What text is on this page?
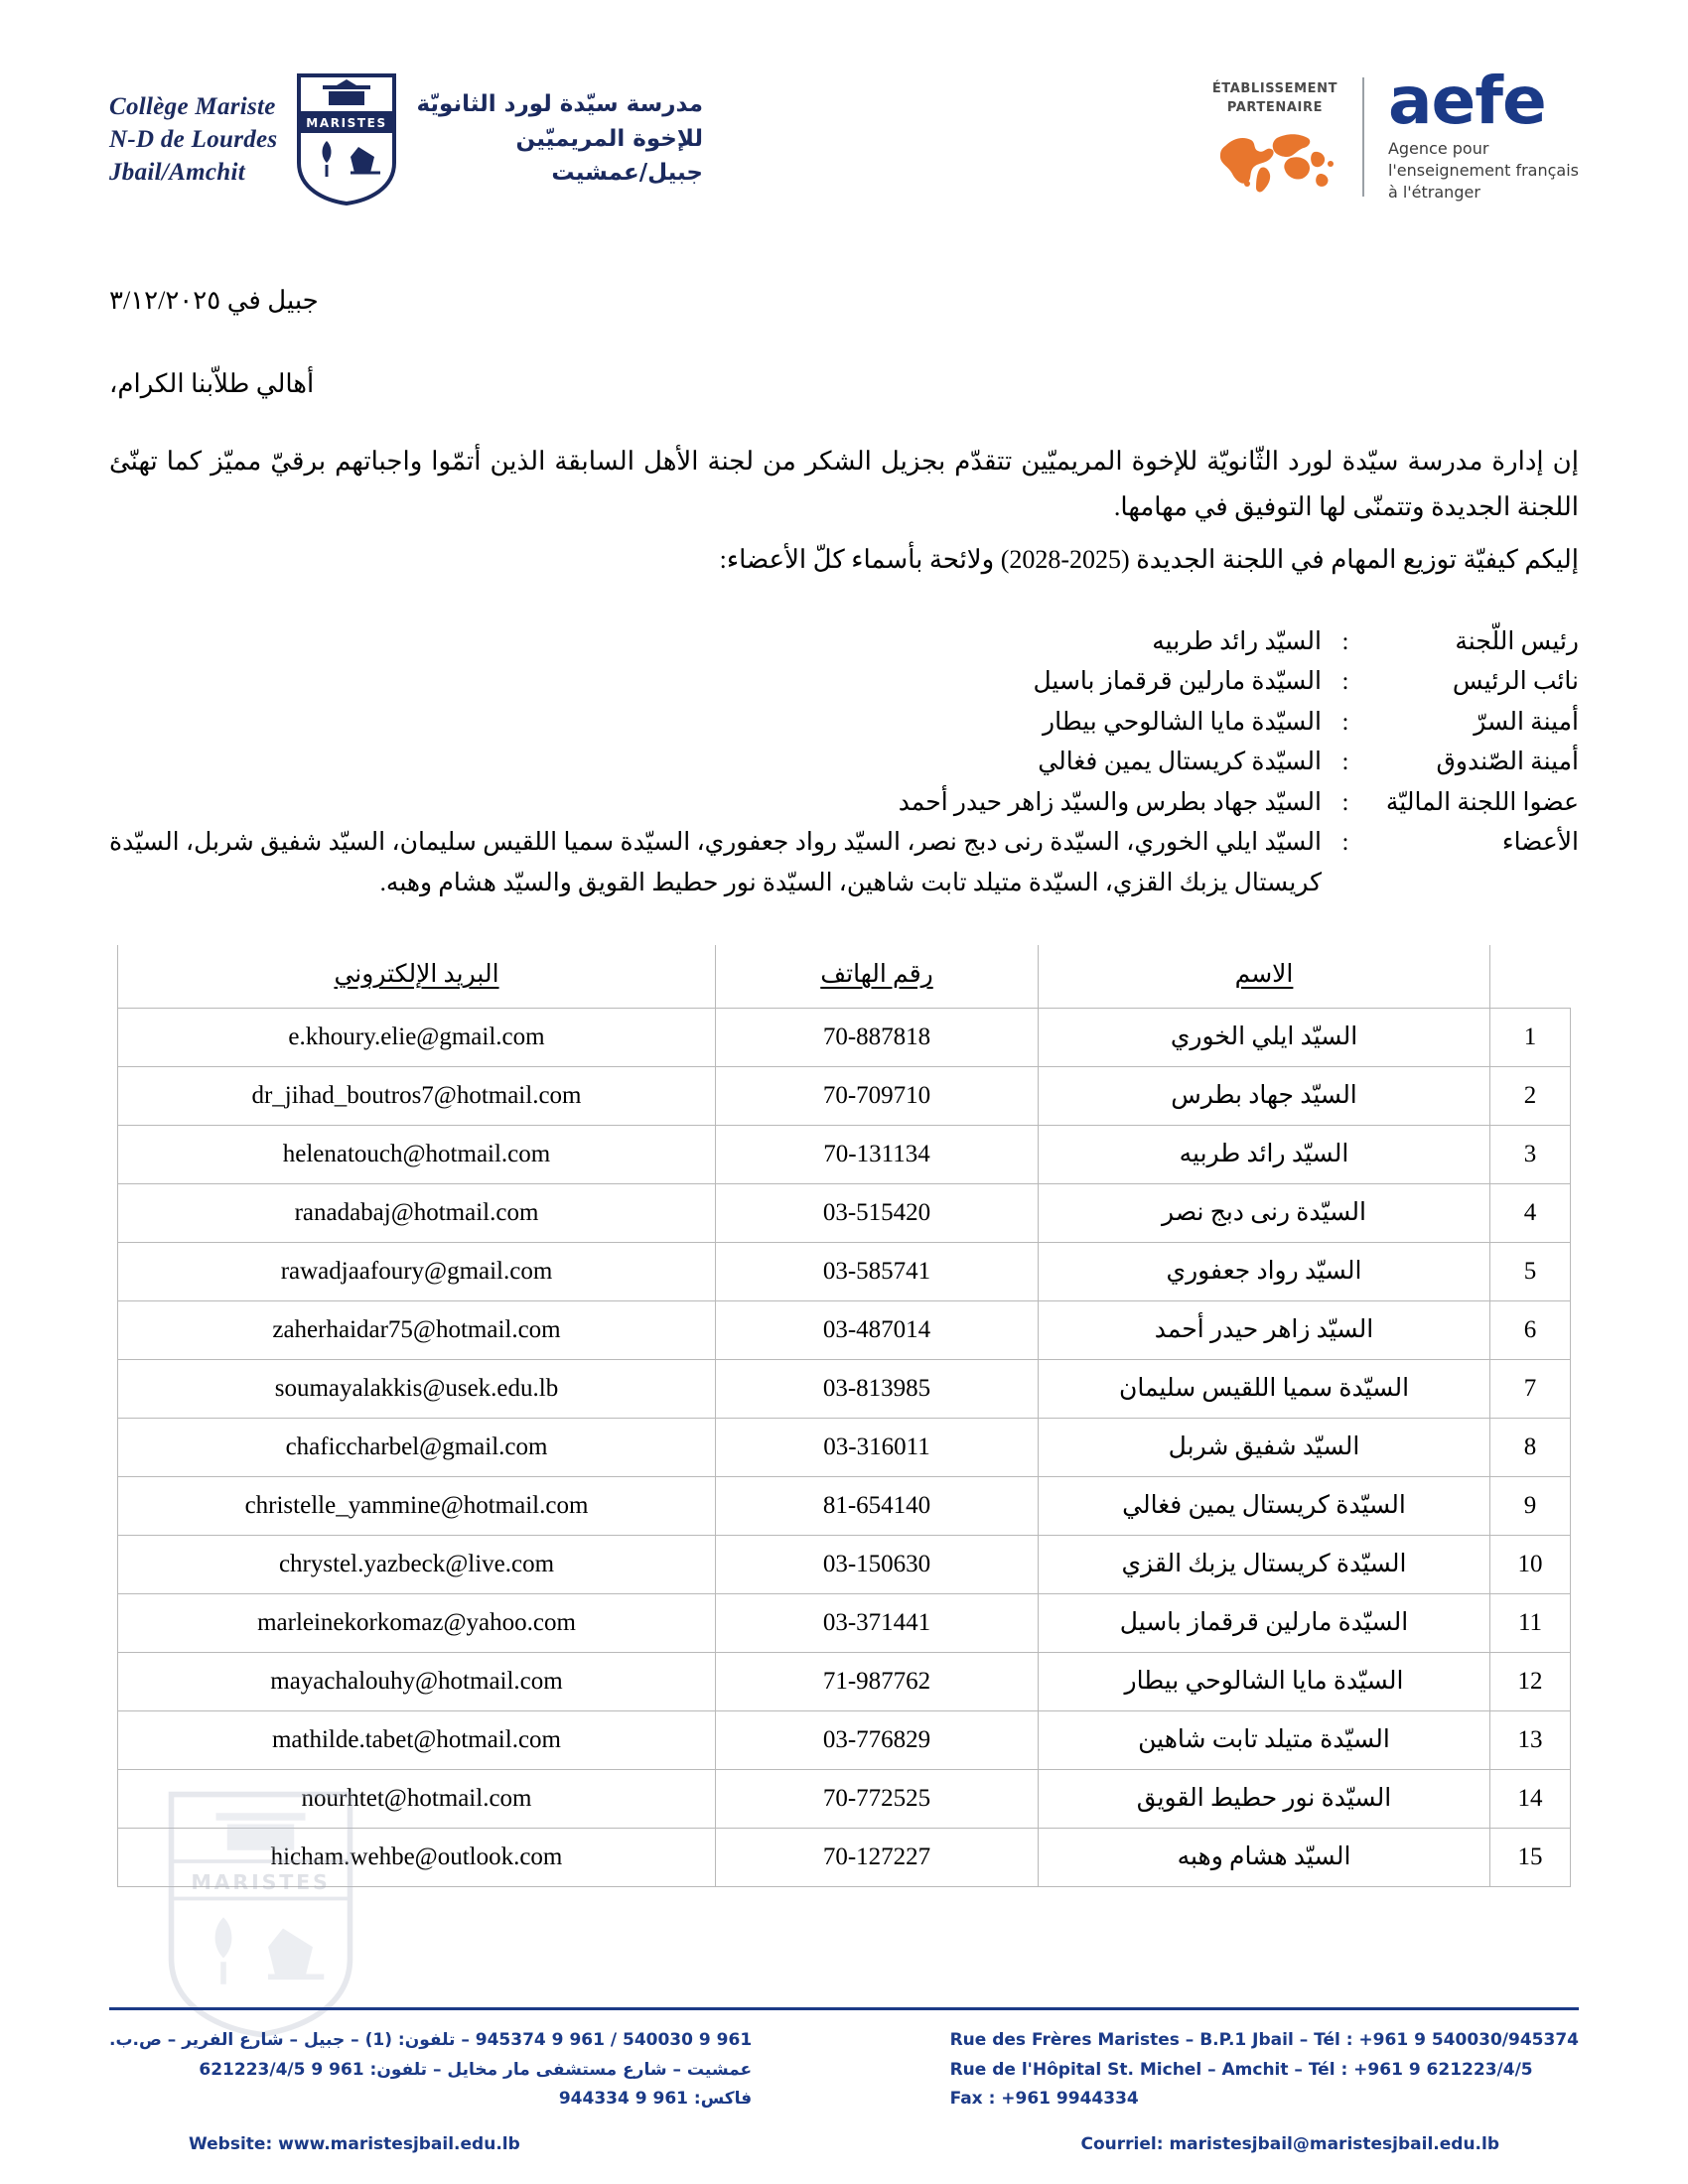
Collège Mariste
N-D de Lourdes
Jbail/Amchit
MARISTES
مدرسة سيّدة لورد الثانويّة
للإخوة المريميّين
جبيل/عمشيت
ÉTABLISSEMENT
PARTENAIRE aefe
Agence pour
l'enseignement français
à l'étranger
جبيل في ٣/١٢/٢٠٢٥
أهالي طلاّبنا الكرام،
إن إدارة مدرسة سيّدة لورد الثّانويّة للإخوة المريميّين تتقدّم بجزيل الشكر من لجنة الأهل السابقة الذين أتمّوا واجباتهم برقيّ مميّز كما تهنّئ اللجنة الجديدة وتتمنّى لها التوفيق في مهامها.
إليكم كيفيّة توزيع المهام في اللجنة الجديدة (2025-2028) ولائحة بأسماء كلّ الأعضاء:
رئيس اللّجنة
:
السيّد رائد طربيه
نائب الرئيس
:
السيّدة مارلين قرقماز باسيل
أمينة السرّ
:
السيّدة مايا الشالوحي بيطار
أمينة الصّندوق
:
السيّدة كريستال يمين فغالي
عضوا اللجنة الماليّة
:
السيّد جهاد بطرس والسيّد زاهر حيدر أحمد
الأعضاء
:
السيّد ايلي الخوري، السيّدة رنى دبج نصر، السيّد رواد جعفوري، السيّدة سميا اللقيس سليمان، السيّد شفيق شربل، السيّدة كريستال يزبك القزي، السيّدة متيلد تابت شاهين، السيّدة نور حطيط القويق والسيّد هشام وهبه.
	الاسم	رقم الهاتف	البريد الإلكتروني
1	السيّد ايلي الخوري	70-887818	e.khoury.elie@gmail.com
2	السيّد جهاد بطرس	70-709710	dr_jihad_boutros7@hotmail.com
3	السيّد رائد طربيه	70-131134	helenatouch@hotmail.com
4	السيّدة رنى دبج نصر	03-515420	ranadabaj@hotmail.com
5	السيّد رواد جعفوري	03-585741	rawadjaafoury@gmail.com
6	السيّد زاهر حيدر أحمد	03-487014	zaherhaidar75@hotmail.com
7	السيّدة سميا اللقيس سليمان	03-813985	soumayalakkis@usek.edu.lb
8	السيّد شفيق شربل	03-316011	chaficcharbel@gmail.com
9	السيّدة كريستال يمين فغالي	81-654140	christelle_yammine@hotmail.com
10	السيّدة كريستال يزبك القزي	03-150630	chrystel.yazbeck@live.com
11	السيّدة مارلين قرقماز باسيل	03-371441	marleinekorkomaz@yahoo.com
12	السيّدة مايا الشالوحي بيطار	71-987762	mayachalouhy@hotmail.com
13	السيّدة متيلد تابت شاهين	03-776829	mathilde.tabet@hotmail.com
14	السيّدة نور حطيط القويق	70-772525	nourhtet@hotmail.com
15	السيّد هشام وهبه	70-127227	hicham.wehbe@outlook.com
MARISTES
Rue des Frères Maristes – B.P.1 Jbail – Tél : +961 9 540030/945374
Rue de l'Hôpital St. Michel – Amchit – Tél : +961 9 621223/4/5
Fax : +961 9944334
961 9 540030 / 961 9 945374 – تلفون: (1) – جبيل – شارع الفرير – ص.ب.
عمشيت – شارع مستشفى مار مخايل – تلفون: 961 9 621223/4/5
فاكس: 961 9 944334
Website: www.maristesjbail.edu.lb	Courriel: maristesjbail@maristesjbail.edu.lb
